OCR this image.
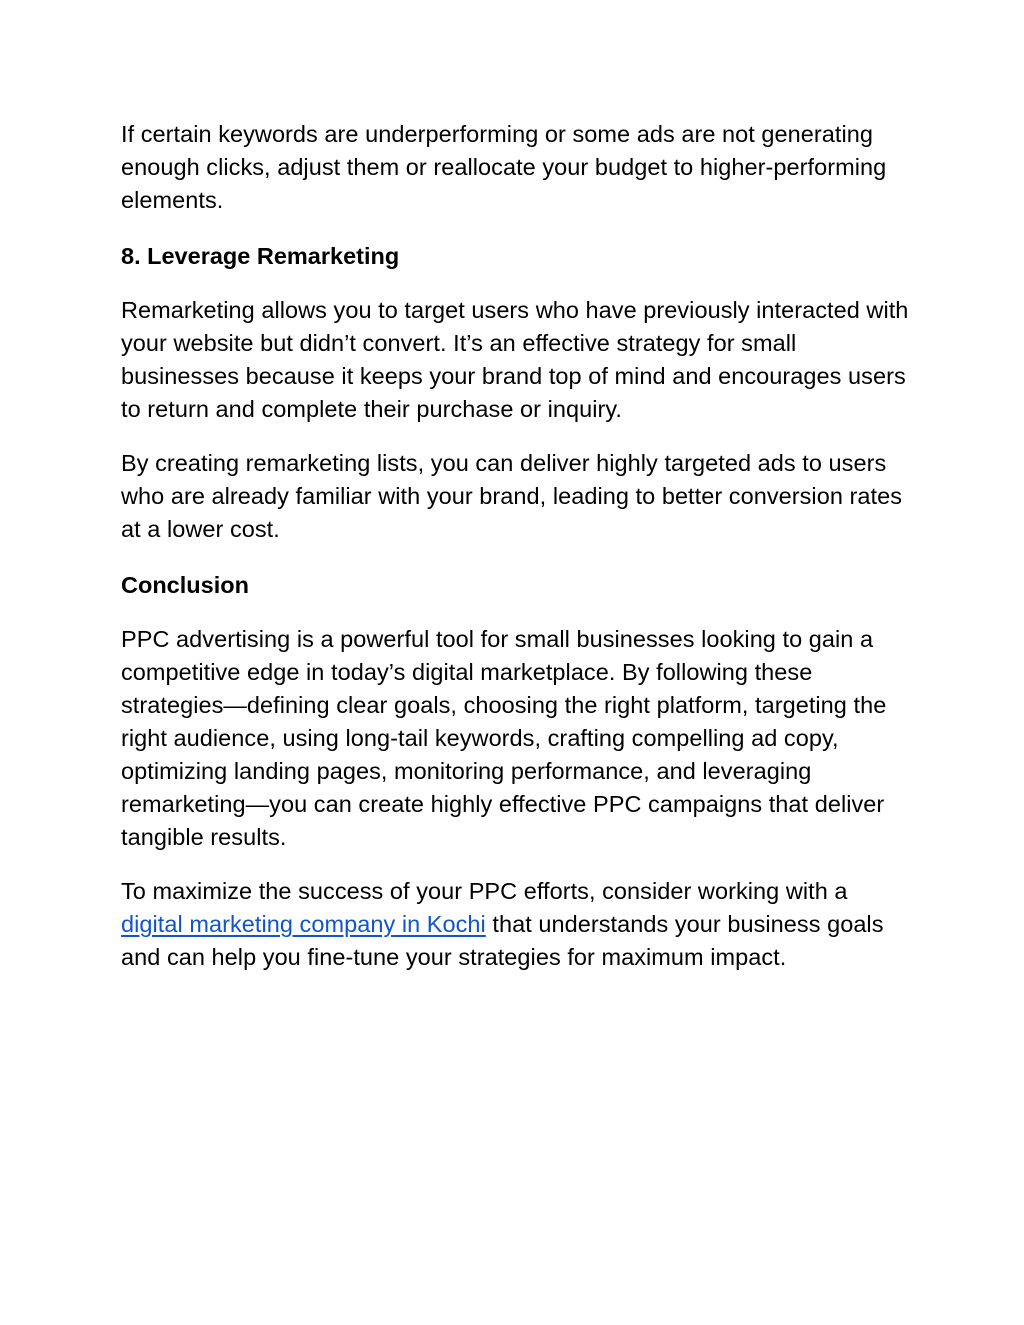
If certain keywords are underperforming or some ads are not generating enough clicks, adjust them or reallocate your budget to higher-performing elements.

8. Leverage Remarketing

Remarketing allows you to target users who have previously interacted with your website but didn’t convert. It’s an effective strategy for small businesses because it keeps your brand top of mind and encourages users to return and complete their purchase or inquiry.

By creating remarketing lists, you can deliver highly targeted ads to users who are already familiar with your brand, leading to better conversion rates at a lower cost.

Conclusion

PPC advertising is a powerful tool for small businesses looking to gain a competitive edge in today’s digital marketplace. By following these strategies—defining clear goals, choosing the right platform, targeting the right audience, using long-tail keywords, crafting compelling ad copy, optimizing landing pages, monitoring performance, and leveraging remarketing—you can create highly effective PPC campaigns that deliver tangible results.

To maximize the success of your PPC efforts, consider working with a digital marketing company in Kochi that understands your business goals and can help you fine-tune your strategies for maximum impact.
